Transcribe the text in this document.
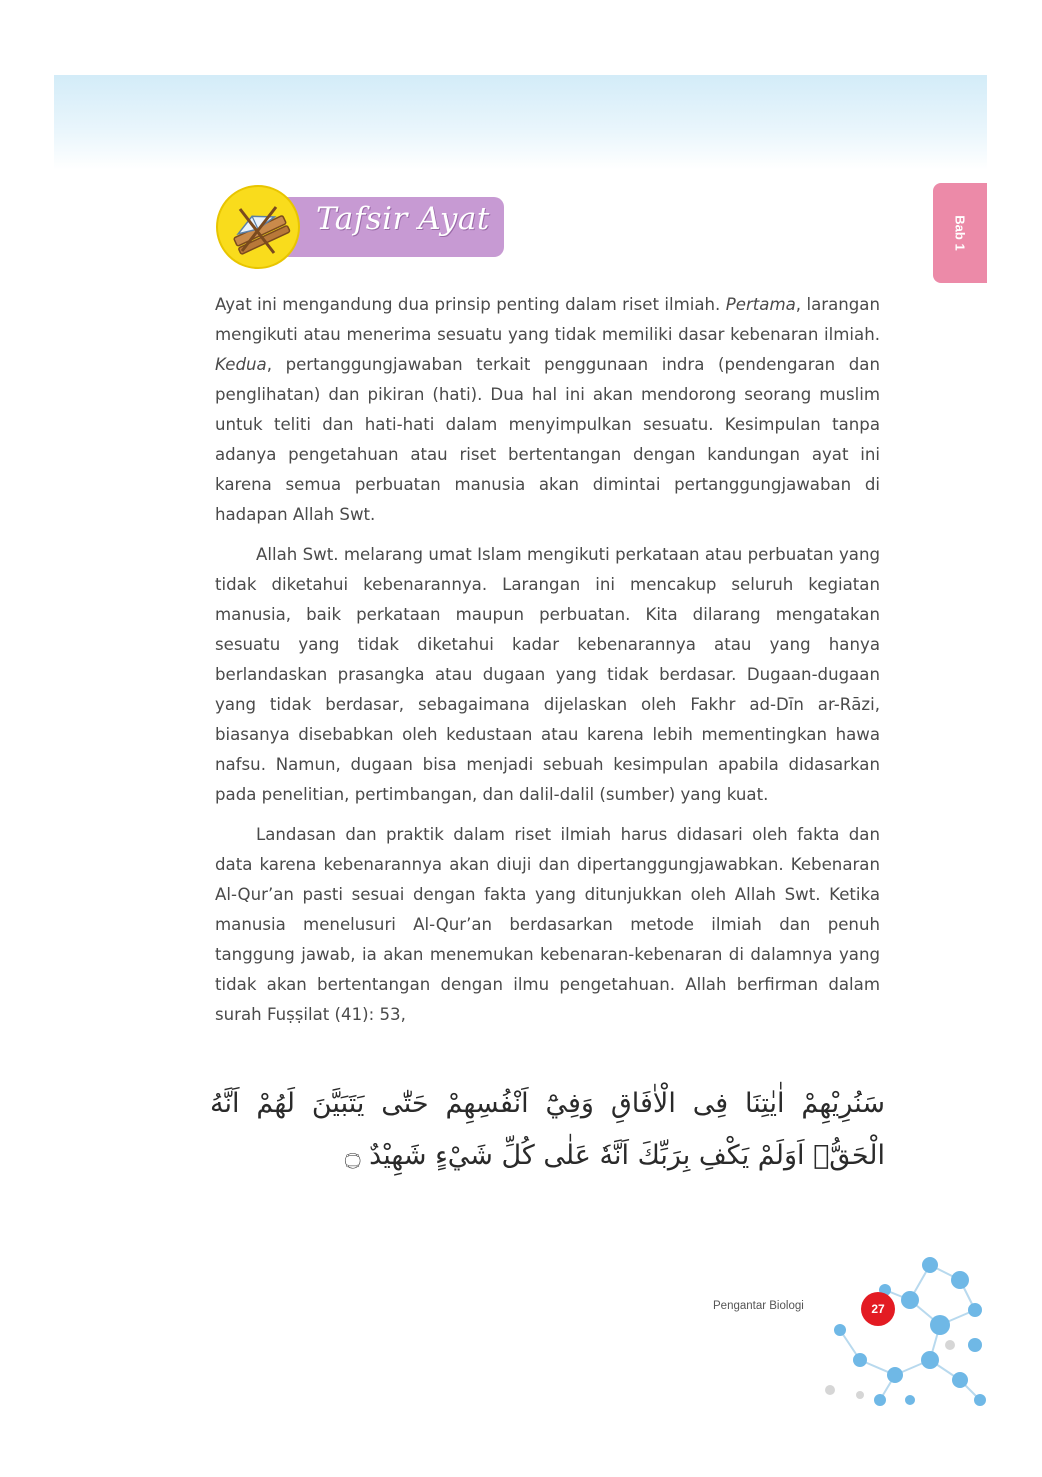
Bab 1
Tafsir Ayat

Ayat ini mengandung dua prinsip penting dalam riset ilmiah. Pertama, larangan mengikuti atau menerima sesuatu yang tidak memiliki dasar kebenaran ilmiah. Kedua, pertanggungjawaban terkait penggunaan indra (pendengaran dan penglihatan) dan pikiran (hati). Dua hal ini akan mendorong seorang muslim untuk teliti dan hati-hati dalam menyimpulkan sesuatu. Kesimpulan tanpa adanya pengetahuan atau riset bertentangan dengan kandungan ayat ini karena semua perbuatan manusia akan dimintai pertanggungjawaban di hadapan Allah Swt.

Allah Swt. melarang umat Islam mengikuti perkataan atau perbuatan yang tidak diketahui kebenarannya. Larangan ini mencakup seluruh kegiatan manusia, baik perkataan maupun perbuatan. Kita dilarang mengatakan sesuatu yang tidak diketahui kadar kebenarannya atau yang hanya berlandaskan prasangka atau dugaan yang tidak berdasar. Dugaan-dugaan yang tidak berdasar, sebagaimana dijelaskan oleh Fakhr ad-Dīn ar-Rāzi, biasanya disebabkan oleh kedustaan atau karena lebih mementingkan hawa nafsu. Namun, dugaan bisa menjadi sebuah kesimpulan apabila didasarkan pada penelitian, pertimbangan, dan dalil-dalil (sumber) yang kuat.

Landasan dan praktik dalam riset ilmiah harus didasari oleh fakta dan data karena kebenarannya akan diuji dan dipertanggungjawabkan. Kebenaran Al-Qur’an pasti sesuai dengan fakta yang ditunjukkan oleh Allah Swt. Ketika manusia menelusuri Al-Qur’an berdasarkan metode ilmiah dan penuh tanggung jawab, ia akan menemukan kebenaran-kebenaran di dalamnya yang tidak akan bertentangan dengan ilmu pengetahuan. Allah berfirman dalam surah Fuṣṣilat (41): 53,

سَنُرِيْهِمْ اٰيٰتِنَا فِى الْاٰفَاقِ وَفِيْٓ اَنْفُسِهِمْ حَتّٰى يَتَبَيَّنَ لَهُمْ اَنَّهُ الْحَقُّۗ اَوَلَمْ يَكْفِ بِرَبِّكَ اَنَّهٗ عَلٰى كُلِّ شَيْءٍ شَهِيْدٌ ۝
Pengantar Biologi	27
